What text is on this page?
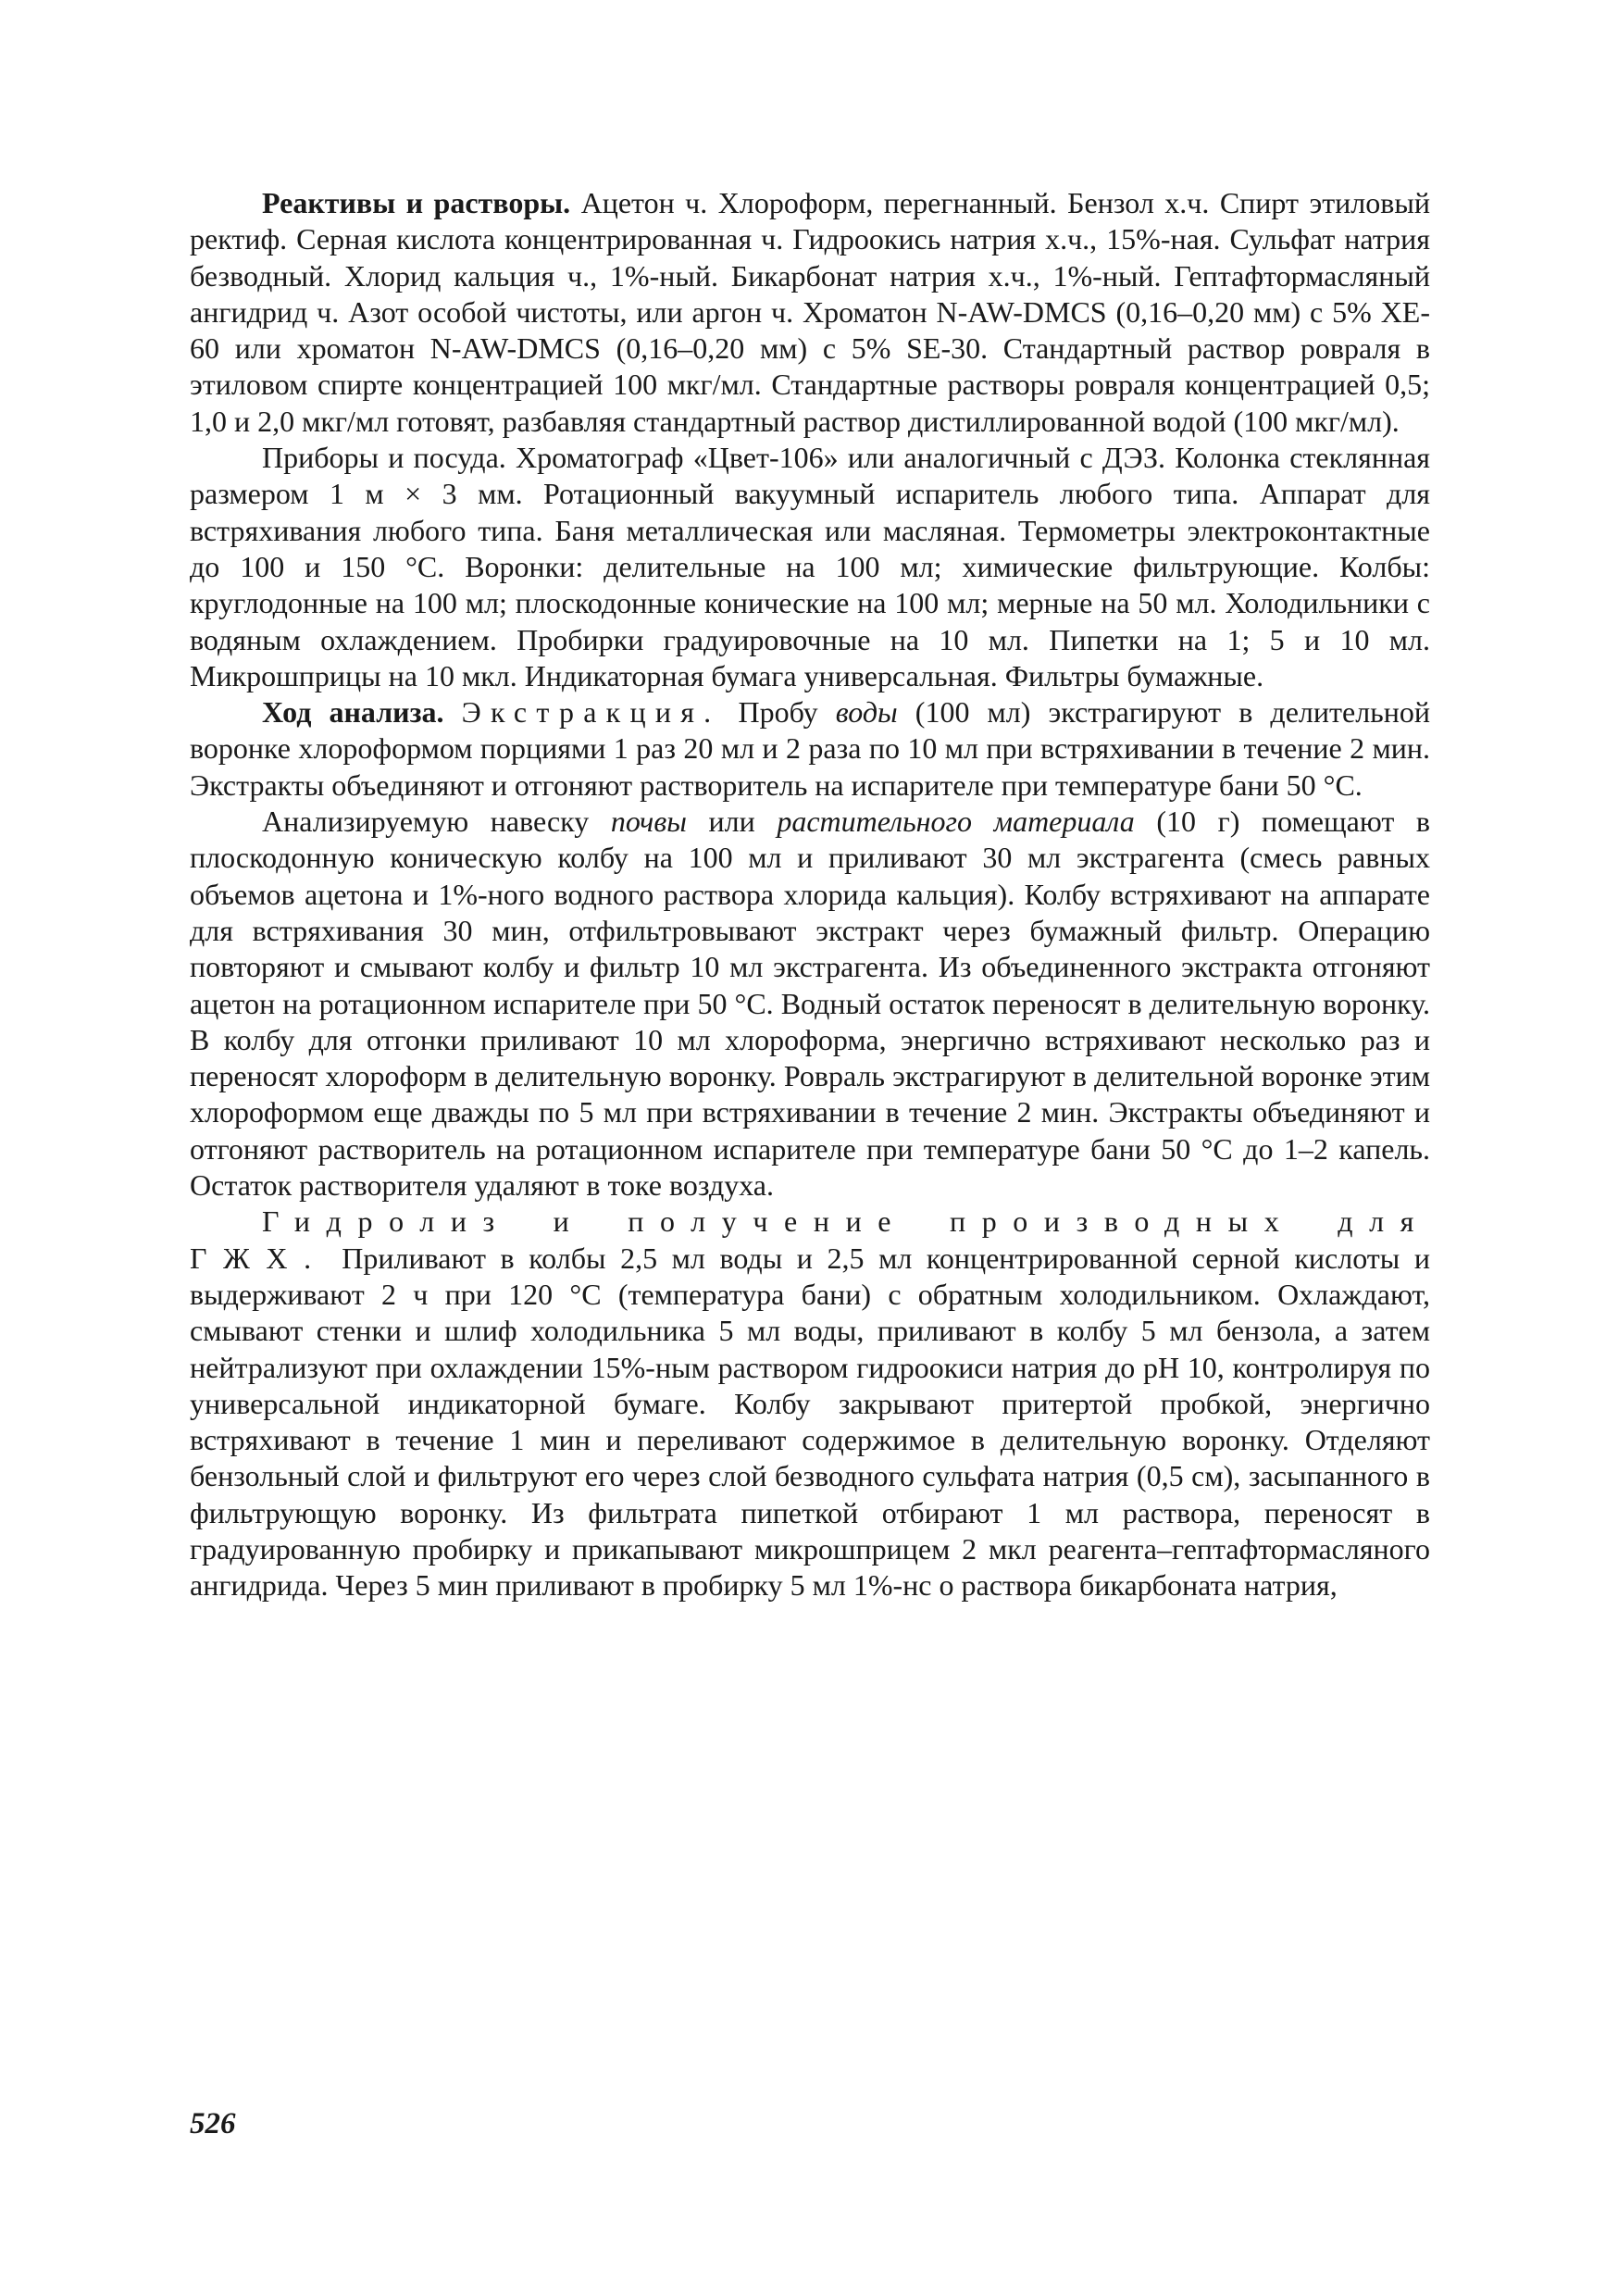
Реактивы и растворы. Ацетон ч. Хлороформ, перегнанный. Бензол х.ч. Спирт этиловый ректиф. Серная кислота концентрированная ч. Гидроокись натрия х.ч., 15%-ная. Сульфат натрия безводный. Хлорид кальция ч., 1%-ный. Бикарбонат натрия х.ч., 1%-ный. Гептафтормасляный ангидрид ч. Азот особой чистоты, или аргон ч. Хроматон N-AW-DMCS (0,16–0,20 мм) с 5% XE-60 или хроматон N-AW-DMCS (0,16–0,20 мм) с 5% SE-30. Стандартный раствор ровраля в этиловом спирте концентрацией 100 мкг/мл. Стандартные растворы ровраля концентрацией 0,5; 1,0 и 2,0 мкг/мл готовят, разбавляя стандартный раствор дистиллированной водой (100 мкг/мл).

Приборы и посуда. Хроматограф «Цвет-106» или аналогичный с ДЭЗ. Колонка стеклянная размером 1 м × 3 мм. Ротационный вакуумный испаритель любого типа. Аппарат для встряхивания любого типа. Баня металлическая или масляная. Термометры электроконтактные до 100 и 150 °С. Воронки: делительные на 100 мл; химические фильтрующие. Колбы: круглодонные на 100 мл; плоскодонные конические на 100 мл; мерные на 50 мл. Холодильники с водяным охлаждением. Пробирки градуировочные на 10 мл. Пипетки на 1; 5 и 10 мл. Микрошприцы на 10 мкл. Индикаторная бумага универсальная. Фильтры бумажные.

Ход анализа. Экстракция. Пробу воды (100 мл) экстрагируют в делительной воронке хлороформом порциями 1 раз 20 мл и 2 раза по 10 мл при встряхивании в течение 2 мин. Экстракты объединяют и отгоняют растворитель на испарителе при температуре бани 50 °С.

Анализируемую навеску почвы или растительного материала (10 г) помещают в плоскодонную коническую колбу на 100 мл и приливают 30 мл экстрагента (смесь равных объемов ацетона и 1%-ного водного раствора хлорида кальция). Колбу встряхивают на аппарате для встряхивания 30 мин, отфильтровывают экстракт через бумажный фильтр. Операцию повторяют и смывают колбу и фильтр 10 мл экстрагента. Из объединенного экстракта отгоняют ацетон на ротационном испарителе при 50 °С. Водный остаток переносят в делительную воронку. В колбу для отгонки приливают 10 мл хлороформа, энергично встряхивают несколько раз и переносят хлороформ в делительную воронку. Ровраль экстрагируют в делительной воронке этим хлороформом еще дважды по 5 мл при встряхивании в течение 2 мин. Экстракты объединяют и отгоняют растворитель на ротационном испарителе при температуре бани 50 °С до 1–2 капель. Остаток растворителя удаляют в токе воздуха.

Гидролиз и получение производных для ГЖХ. Приливают в колбы 2,5 мл воды и 2,5 мл концентрированной серной кислоты и выдерживают 2 ч при 120 °С (температура бани) с обратным холодильником. Охлаждают, смывают стенки и шлиф холодильника 5 мл воды, приливают в колбу 5 мл бензола, а затем нейтрализуют при охлаждении 15%-ным раствором гидроокиси натрия до pH 10, контролируя по универсальной индикаторной бумаге. Колбу закрывают притертой пробкой, энергично встряхивают в течение 1 мин и переливают содержимое в делительную воронку. Отделяют бензольный слой и фильтруют его через слой безводного сульфата натрия (0,5 см), засыпанного в фильтрующую воронку. Из фильтрата пипеткой отбирают 1 мл раствора, переносят в градуированную пробирку и прикапывают микрошприцем 2 мкл реагента–гептафтормасляного ангидрида. Через 5 мин приливают в пробирку 5 мл 1%-нс о раствора бикарбоната натрия,

526
